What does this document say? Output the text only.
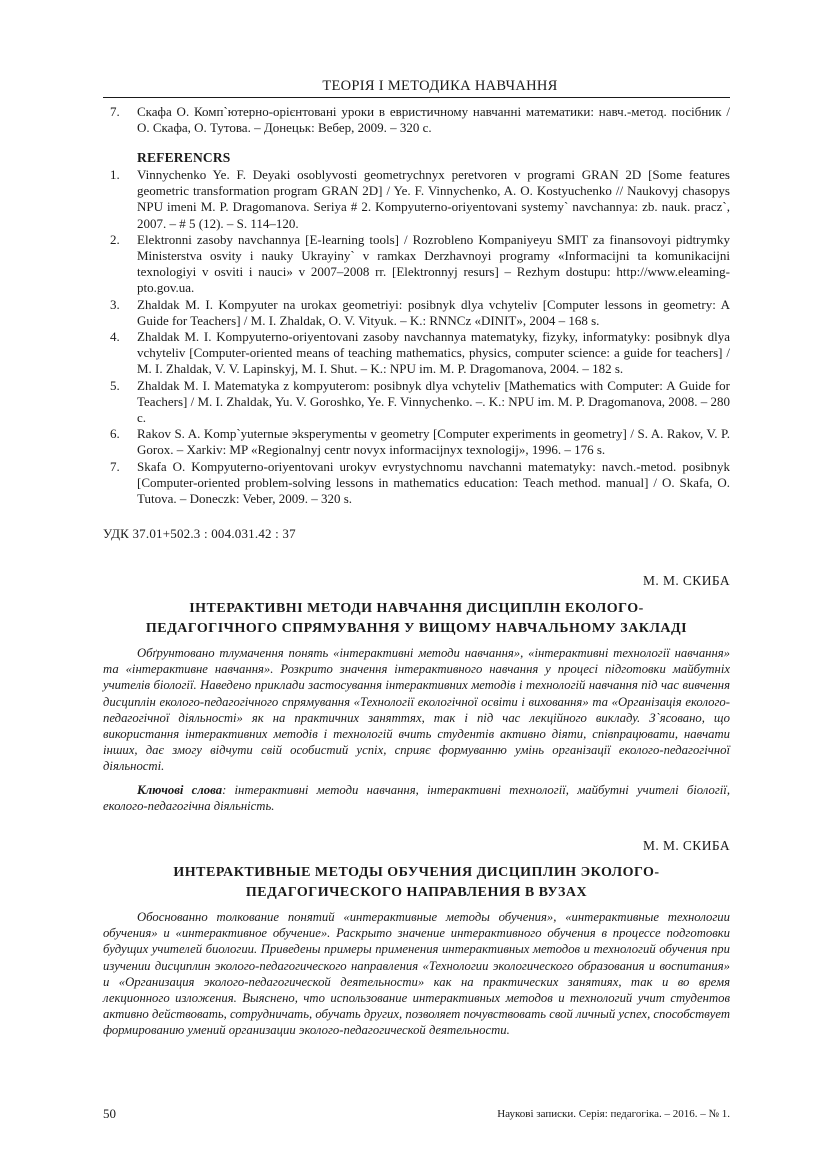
ТЕОРІЯ І МЕТОДИКА НАВЧАННЯ
7.	Скафа О. Комп`ютерно-орієнтовані уроки в евристичному навчанні математики: навч.-метод. посібник / О. Скафа, О. Тутова. – Донецьк: Вебер, 2009. – 320 с.
REFERENCRS
1.	Vinnychenko Ye. F. Deyaki osoblyvosti geometrychnyx peretvoren v programi GRAN 2D [Some features geometric transformation program GRAN 2D] / Ye. F. Vinnychenko, A. O. Kostyuchenko // Naukovyj chasopys NPU imeni M. P. Dragomanova. Seriya # 2. Kompyuterno-oriyentovani systemy` navchannya: zb. nauk. pracz`, 2007. – # 5 (12). – S. 114–120.
2.	Elektronni zasoby navchannya [E-learning tools] / Rozrobleno Kompaniyeyu SMIT za finansovoyi pidtrymky Ministerstva osvity i nauky Ukrayiny` v ramkax Derzhavnoyi programy «Informacijni ta komunikacijni texnologiyi v osviti i nauci» v 2007–2008 rr. [Elektronnyj resurs] – Rezhym dostupu: http://www.eleaming-pto.gov.ua.
3.	Zhaldak M. I. Kompyuter na urokax geometriyi: posibnyk dlya vchyteliv [Computer lessons in geometry: A Guide for Teachers] / M. I. Zhaldak, O. V. Vityuk. – K.: RNNCz «DINIT», 2004 – 168 s.
4.	Zhaldak M. I. Kompyuterno-oriyentovani zasoby navchannya matematyky, fizyky, informatyky: posibnyk dlya vchyteliv [Computer-oriented means of teaching mathematics, physics, computer science: a guide for teachers] / M. I. Zhaldak, V. V. Lapinskyj, M. I. Shut. – K.: NPU im. M. P. Dragomanova, 2004. – 182 s.
5.	Zhaldak M. I. Matematyka z kompyuterom: posibnyk dlya vchyteliv [Mathematics with Computer: A Guide for Teachers] / M. I. Zhaldak, Yu. V. Goroshko, Ye. F. Vinnychenko. –. K.: NPU im. M. P. Dragomanova, 2008. – 280 c.
6.	Rakov S. A. Komp`yuternыe эksperymentы v geometry [Computer experiments in geometry] / S. A. Rakov, V. P. Gorox. – Xarkiv: MP «Regionalnyj centr novyx informacijnyx texnologij», 1996. – 176 s.
7.	Skafa O. Kompyuterno-oriyentovani urokyv evrystychnomu navchanni matematyky: navch.-metod. posibnyk [Computer-oriented problem-solving lessons in mathematics education: Teach method. manual] / O. Skafa, O. Tutova. – Doneczk: Veber, 2009. – 320 s.
УДК 37.01+502.3 : 004.031.42 : 37
М. М. СКИБА
ІНТЕРАКТИВНІ МЕТОДИ НАВЧАННЯ ДИСЦИПЛІН ЕКОЛОГО-
ПЕДАГОГІЧНОГО СПРЯМУВАННЯ У ВИЩОМУ НАВЧАЛЬНОМУ ЗАКЛАДІ
Обґрунтовано тлумачення понять «інтерактивні методи навчання», «інтерактивні технології навчання» та «інтерактивне навчання». Розкрито значення інтерактивного навчання у процесі підготовки майбутніх учителів біології. Наведено приклади застосування інтерактивних методів і технологій навчання під час вивчення дисциплін еколого-педагогічного спрямування «Технології екологічної освіти і виховання» та «Організація еколого-педагогічної діяльності» як на практичних заняттях, так і під час лекційного викладу. З`ясовано, що використання інтерактивних методів і технологій вчить студентів активно діяти, співпрацювати, навчати інших, дає змогу відчути свій особистий успіх, сприяє формуванню умінь організації еколого-педагогічної діяльності.
Ключові слова: інтерактивні методи навчання, інтерактивні технології, майбутні учителі біології, еколого-педагогічна діяльність.
М. М. СКИБА
ИНТЕРАКТИВНЫЕ МЕТОДЫ ОБУЧЕНИЯ ДИСЦИПЛИН ЭКОЛОГО-
ПЕДАГОГИЧЕСКОГО НАПРАВЛЕНИЯ В ВУЗАХ
Обоснованно толкование понятий «интерактивные методы обучения», «интерактивные технологии обучения» и «интерактивное обучение». Раскрыто значение интерактивного обучения в процессе подготовки будущих учителей биологии. Приведены примеры применения интерактивных методов и технологий обучения при изучении дисциплин эколого-педагогического направления «Технологии экологического образования и воспитания» и «Организация эколого-педагогической деятельности» как на практических занятиях, так и во время лекционного изложения. Выяснено, что использование интерактивных методов и технологий учит студентов активно действовать, сотрудничать, обучать других, позволяет почувствовать свой личный успех, способствует формированию умений организации эколого-педагогической деятельности.
50	Наукові записки. Серія: педагогіка. – 2016. – № 1.
